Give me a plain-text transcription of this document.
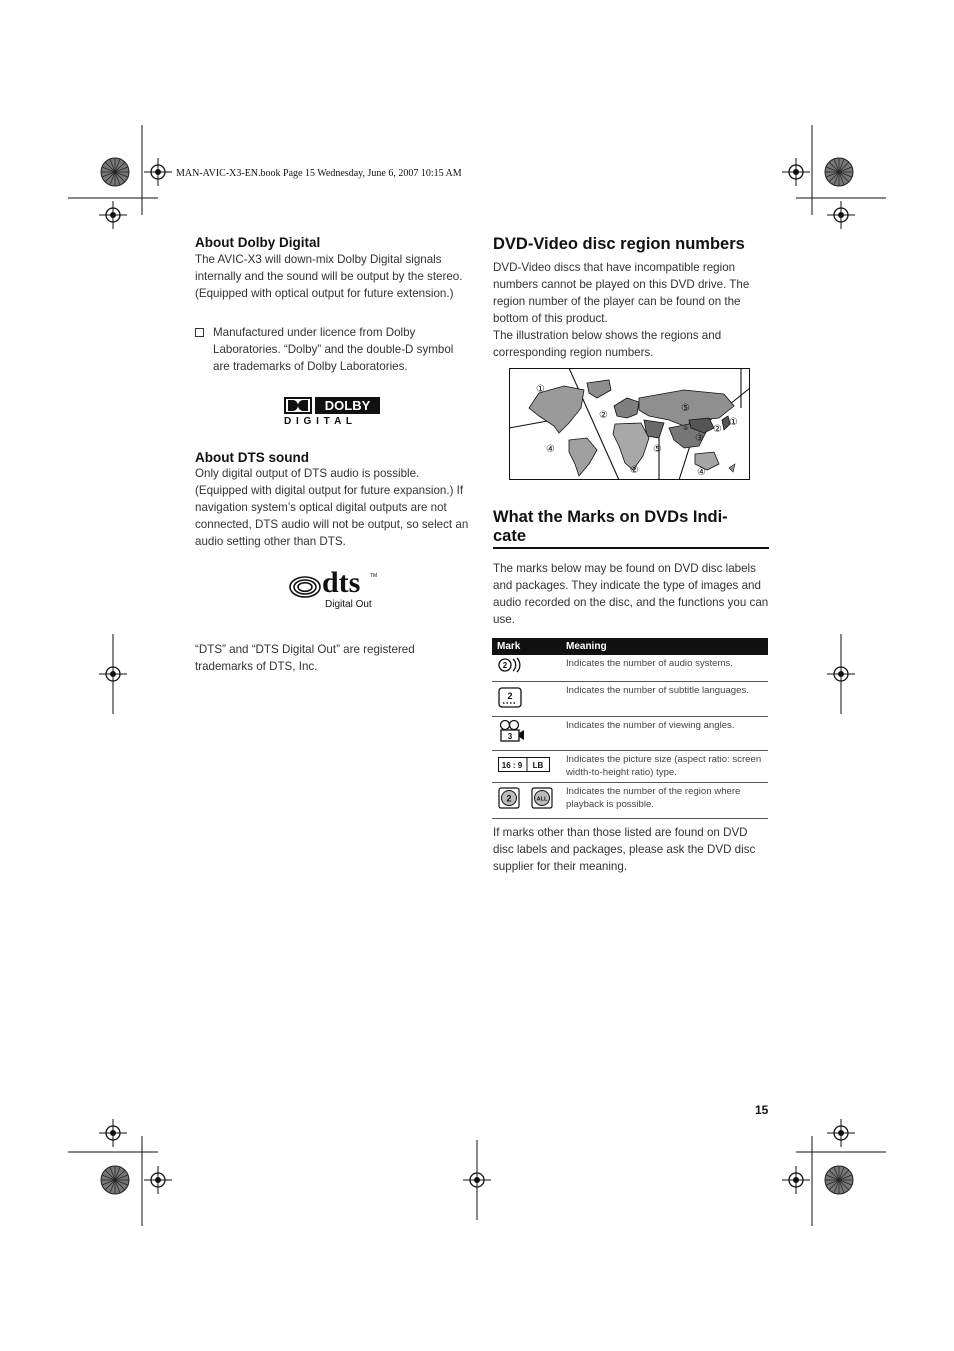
MAN-AVIC-X3-EN.book Page 15 Wednesday, June 6, 2007 10:15 AM
About Dolby Digital
The AVIC-X3 will down-mix Dolby Digital signals internally and the sound will be output by the stereo. (Equipped with optical output for future extension.)
Manufactured under licence from Dolby Laboratories. “Dolby” and the double-D symbol are trademarks of Dolby Laboratories.
DOLBY
D I G I T A L
About DTS sound
Only digital output of DTS audio is possible. (Equipped with digital output for future expansion.) If navigation system’s optical digital outputs are not connected, DTS audio will not be output, so select an audio setting other than DTS.
dts TM
Digital Out
“DTS” and “DTS Digital Out” are registered trademarks of DTS, Inc.
DVD-Video disc region numbers
DVD-Video discs that have incompatible region numbers cannot be played on this DVD drive. The region number of the player can be found on the bottom of this product.
The illustration below shows the regions and corresponding region numbers.
①
②
⑤
①
②
③
④	⑤
②	④
⑥
What the Marks on DVDs Indi-
cate
The marks below may be found on DVD disc labels and packages. They indicate the type of images and audio recorded on the disc, and the functions you can use.
Mark	Meaning

2	Indicates the number of audio systems.

2	Indicates the number of subtitle languages.

3	Indicates the number of viewing angles.

16 : 9 LB	Indicates the picture size (aspect ratio: screen width-to-height ratio) type.

2 ALL	Indicates the number of the region where playback is possible.
If marks other than those listed are found on DVD disc labels and packages, please ask the DVD disc supplier for their meaning.
15
